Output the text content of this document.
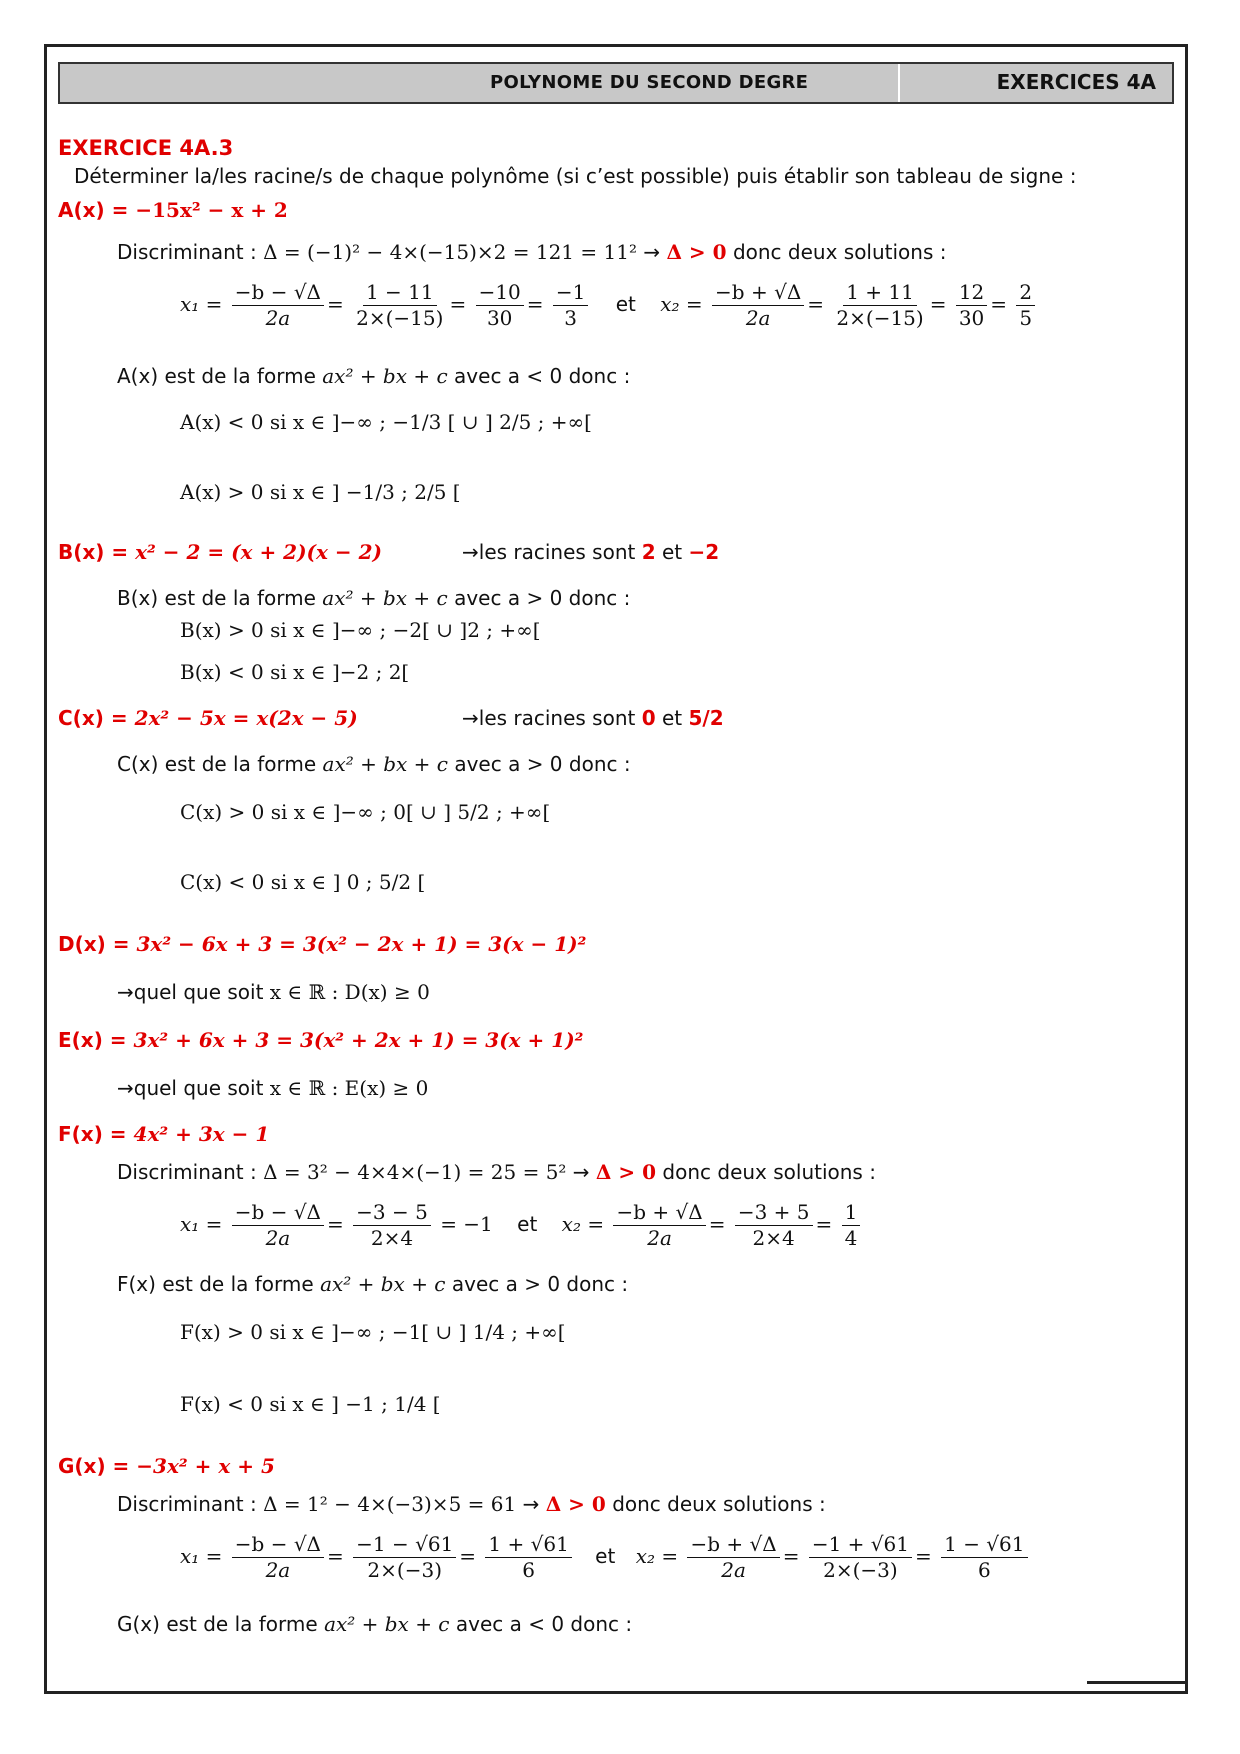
POLYNOME DU SECOND DEGRE	EXERCICES 4A
EXERCICE 4A.3
Déterminer la/les racine/s de chaque polynôme (si c’est possible) puis établir son tableau de signe :
A(x) = −15x² − x + 2
Discriminant : Δ = (−1)² − 4×(−15)×2 = 121 = 11² → Δ > 0 donc deux solutions :
$x_1 = \frac{-b - √\Delta}{2a} = \frac{1 - 11}{2\times(-15)} = \frac{-10}{30} = \frac{-1}{3}$ et $x_2 = \frac{-b + √\Delta}{2a} = \frac{1 + 11}{2\times(-15)} = \frac{12}{30} = \frac{2}{5}$
A(x) est de la forme ax² + bx + c avec a < 0 donc :
A(x) < 0 si x ∈ ]−∞ ; −1/3 [ ∪ ] 2/5 ; +∞[
A(x) > 0 si x ∈ ] −1/3 ; 2/5 [
B(x) = x² − 2 = (x + 2)(x − 2)	→les racines sont 2 et −2
B(x) est de la forme ax² + bx + c avec a > 0 donc :
B(x) > 0 si x ∈ ]−∞ ; −2[ ∪ ]2 ; +∞[
B(x) < 0 si x ∈ ]−2 ; 2[
C(x) = 2x² − 5x = x(2x − 5)	→les racines sont 0 et 5/2
C(x) est de la forme ax² + bx + c avec a > 0 donc :
C(x) > 0 si x ∈ ]−∞ ; 0[ ∪ ] 5/2 ; +∞[
C(x) < 0 si x ∈ ] 0 ; 5/2 [
D(x) = 3x² − 6x + 3 = 3(x² − 2x + 1) = 3(x − 1)²
→quel que soit x ∈ ℝ : D(x) ≥ 0
E(x) = 3x² + 6x + 3 = 3(x² + 2x + 1) = 3(x + 1)²
→quel que soit x ∈ ℝ : E(x) ≥ 0
F(x) = 4x² + 3x − 1
Discriminant : Δ = 3² − 4×4×(−1) = 25 = 5² → Δ > 0 donc deux solutions :
$x_1 = \frac{-b - √\Delta}{2a} = \frac{-3 - 5}{2\times 4} = -1$ et $x_2 = \frac{-b + √\Delta}{2a} = \frac{-3 + 5}{2\times 4} = \frac{1}{4}$
F(x) est de la forme ax² + bx + c avec a > 0 donc :
F(x) > 0 si x ∈ ]−∞ ; −1[ ∪ ] 1/4 ; +∞[
F(x) < 0 si x ∈ ] −1 ; 1/4 [
G(x) = −3x² + x + 5
Discriminant : Δ = 1² − 4×(−3)×5 = 61 → Δ > 0 donc deux solutions :
$x_1 = \frac{-b - √\Delta}{2a} = \frac{-1 - √61}{2\times(-3)} = \frac{1 + √61}{6}$ et $x_2 = \frac{-b + √\Delta}{2a} = \frac{-1 + √61}{2\times(-3)} = \frac{1 - √61}{6}$
G(x) est de la forme ax² + bx + c avec a < 0 donc :
